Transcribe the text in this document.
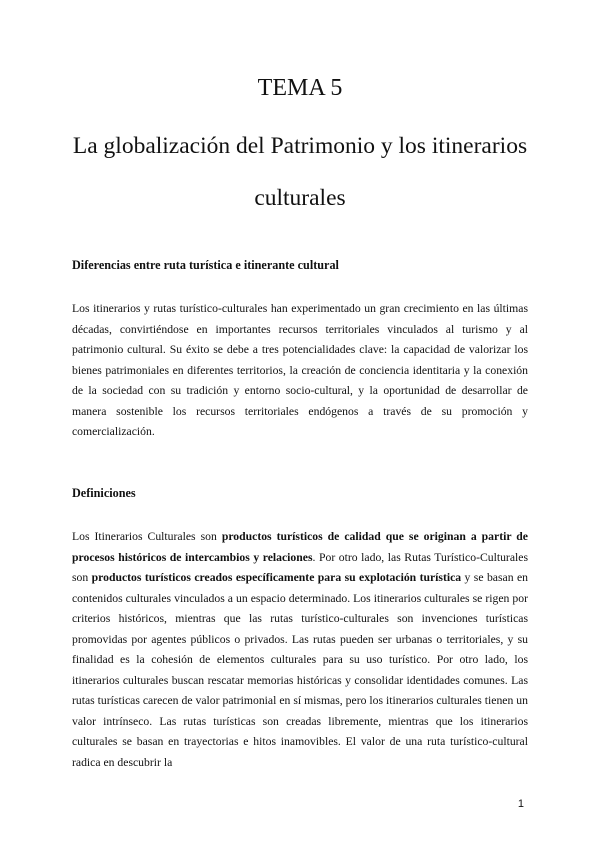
TEMA 5
La globalización del Patrimonio y los itinerarios culturales

Diferencias entre ruta turística e itinerante cultural

Los itinerarios y rutas turístico-culturales han experimentado un gran crecimiento en las últimas décadas, convirtiéndose en importantes recursos territoriales vinculados al turismo y al patrimonio cultural. Su éxito se debe a tres potencialidades clave: la capacidad de valorizar los bienes patrimoniales en diferentes territorios, la creación de conciencia identitaria y la conexión de la sociedad con su tradición y entorno socio-cultural, y la oportunidad de desarrollar de manera sostenible los recursos territoriales endógenos a través de su promoción y comercialización.

Definiciones

Los Itinerarios Culturales son productos turísticos de calidad que se originan a partir de procesos históricos de intercambios y relaciones. Por otro lado, las Rutas Turístico-Culturales son productos turísticos creados específicamente para su explotación turística y se basan en contenidos culturales vinculados a un espacio determinado. Los itinerarios culturales se rigen por criterios históricos, mientras que las rutas turístico-culturales son invenciones turísticas promovidas por agentes públicos o privados. Las rutas pueden ser urbanas o territoriales, y su finalidad es la cohesión de elementos culturales para su uso turístico. Por otro lado, los itinerarios culturales buscan rescatar memorias históricas y consolidar identidades comunes. Las rutas turísticas carecen de valor patrimonial en sí mismas, pero los itinerarios culturales tienen un valor intrínseco. Las rutas turísticas son creadas libremente, mientras que los itinerarios culturales se basan en trayectorias e hitos inamovibles. El valor de una ruta turístico-cultural radica en descubrir la

1
